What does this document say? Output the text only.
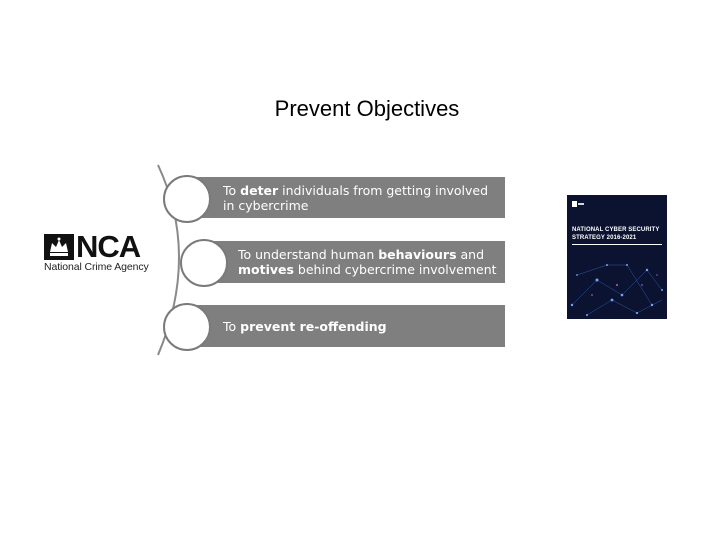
Prevent Objectives
To deter individuals from getting involved
in cybercrime
To understand human behaviours and
motives behind cybercrime involvement
To prevent re-offending
NCA
National Crime Agency
NATIONAL CYBER SECURITY
STRATEGY 2016-2021
